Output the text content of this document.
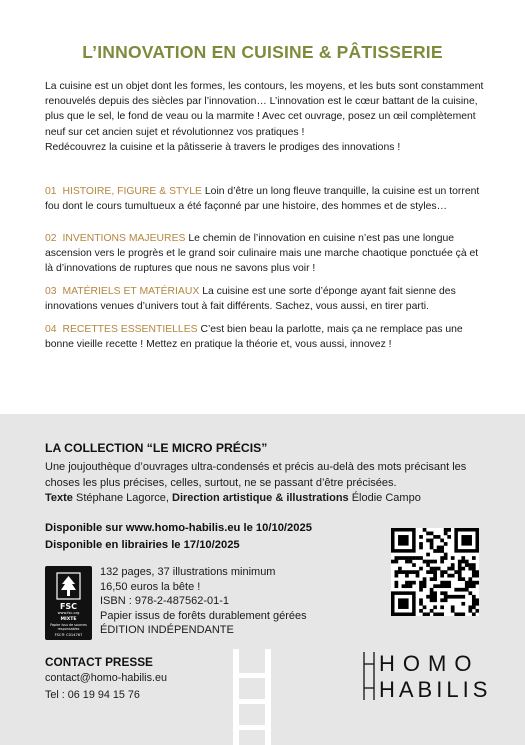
L’INNOVATION EN CUISINE & PÂTISSERIE

La cuisine est un objet dont les formes, les contours, les moyens, et les buts sont constamment renouvelés depuis des siècles par l’innovation… L’innovation est le cœur battant de la cuisine, plus que le sel, le fond de veau ou la marmite ! Avec cet ouvrage, posez un œil complètement neuf sur cet ancien sujet et révolutionnez vos pratiques !

Redécouvrez la cuisine et la pâtisserie à travers le prodiges des innovations !

01 HISTOIRE, FIGURE & STYLE Loin d’être un long fleuve tranquille, la cuisine est un torrent fou dont le cours tumultueux a été façonné par une histoire, des hommes et de styles…
02 INVENTIONS MAJEURES Le chemin de l’innovation en cuisine n’est pas une longue ascension vers le progrès et le grand soir culinaire mais une marche chaotique ponctuée çà et là d’innovations de ruptures que nous ne savons plus voir !
03 MATÉRIELS ET MATÉRIAUX La cuisine est une sorte d’éponge ayant fait sienne des innovations venues d’univers tout à fait différents. Sachez, vous aussi, en tirer parti.
04 RECETTES ESSENTIELLES C’est bien beau la parlotte, mais ça ne remplace pas une bonne vieille recette ! Mettez en pratique la théorie et, vous aussi, innovez !
LA COLLECTION “LE MICRO PRÉCIS”
Une joujouthèque d’ouvrages ultra-condensés et précis au-delà des mots précisant les choses les plus précises, celles, surtout, ne se passant d’être précisées.
Texte Stéphane Lagorce, Direction artistique & illustrations Élodie Campo
Disponible sur www.homo-habilis.eu le 10/10/2025
Disponible en librairies le 17/10/2025
FSC
www.fsc.org
MIXTE
Papier issu de sources responsables
FSC® C014767
132 pages, 37 illustrations minimum
16,50 euros la bête !
ISBN : 978-2-487562-01-1
Papier issus de forêts durablement gérées
ÉDITION INDÉPENDANTE
CONTACT PRESSE
contact@homo-habilis.eu
Tel : 06 19 94 15 76
HOMO
HABILIS
